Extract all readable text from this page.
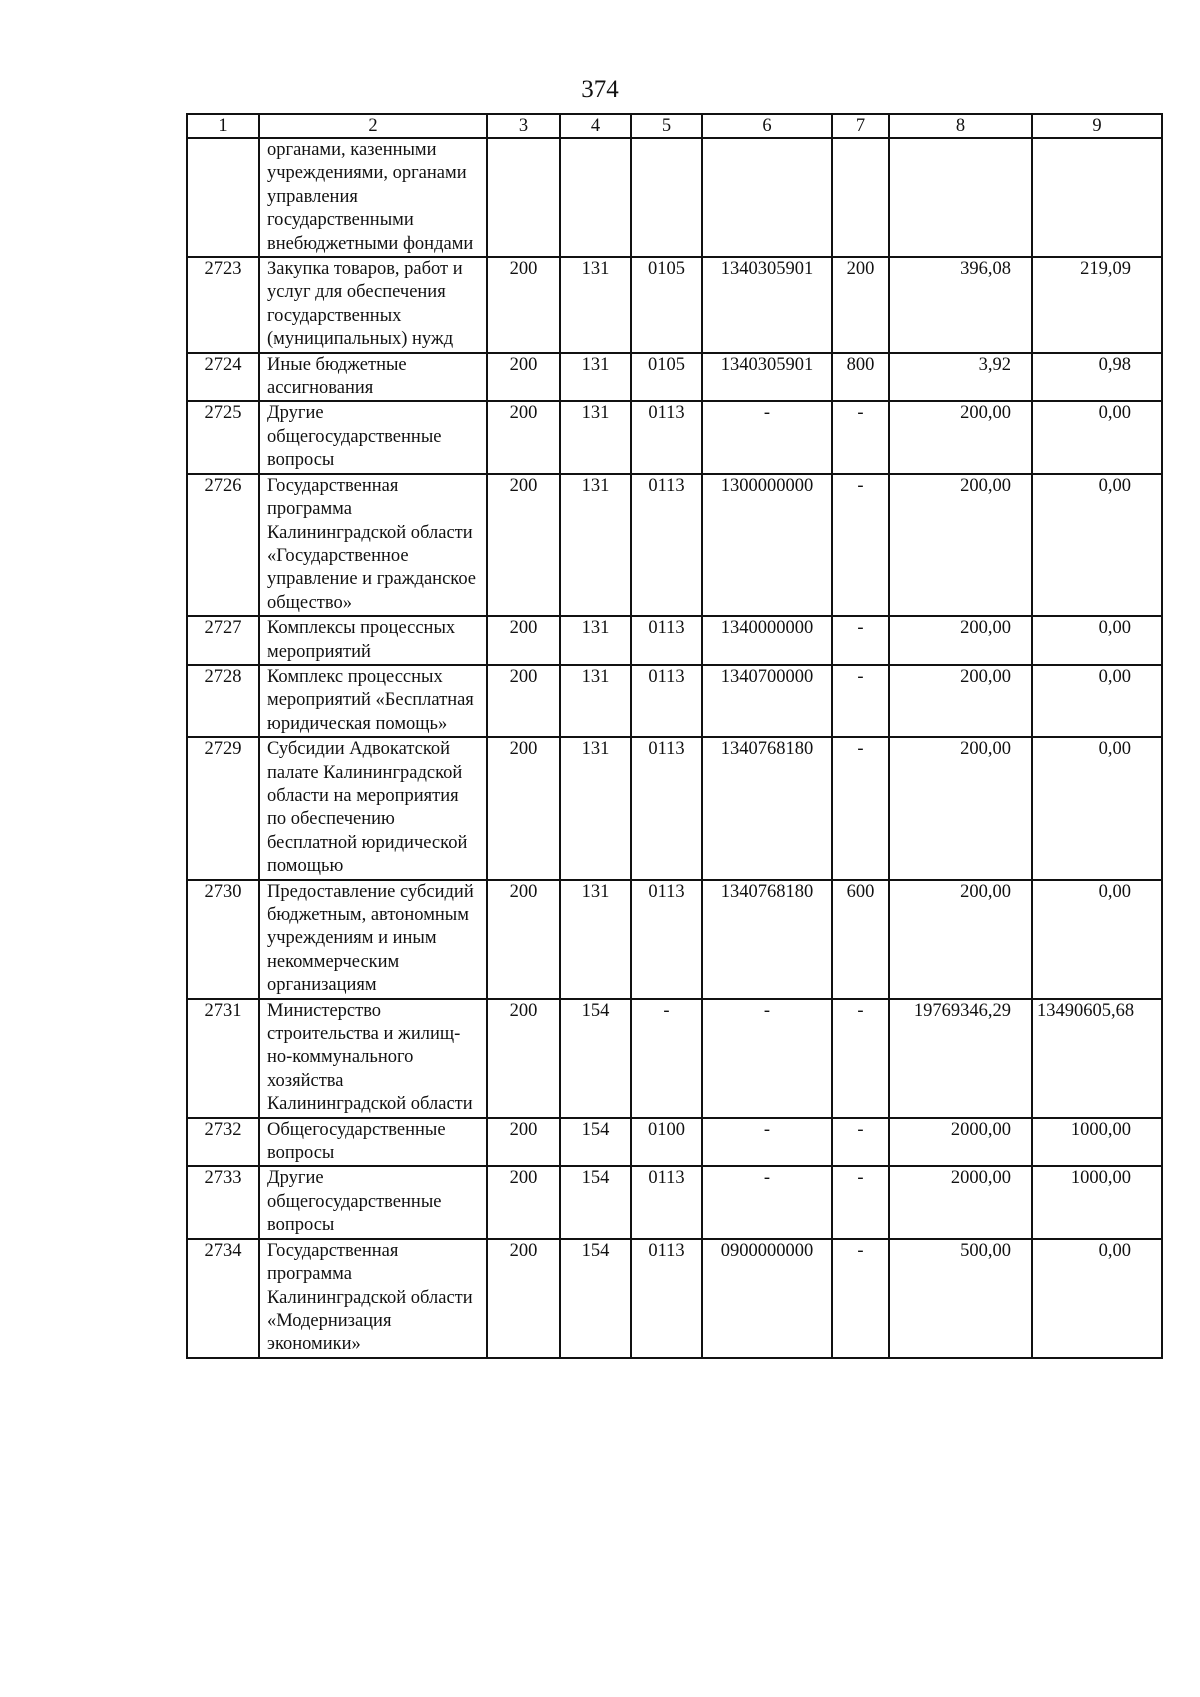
374
1	2	3	4	5	6	7	8	9
	органами, казенными учреждениями, органами управления государственными внебюджетными фондами							
2723	Закупка товаров, работ и услуг для обеспечения государственных (муниципальных) нужд	200	131	0105	1340305901	200	396,08	219,09
2724	Иные бюджетные ассигнования	200	131	0105	1340305901	800	3,92	0,98
2725	Другие общегосударственные вопросы	200	131	0113	-	-	200,00	0,00
2726	Государственная программа Калининградской области «Государственное управление и гражданское общество»	200	131	0113	1300000000	-	200,00	0,00
2727	Комплексы процессных мероприятий	200	131	0113	1340000000	-	200,00	0,00
2728	Комплекс процессных мероприятий «Бесплатная юридическая помощь»	200	131	0113	1340700000	-	200,00	0,00
2729	Субсидии Адвокатской палате Калининградской области на мероприятия по обеспечению бесплатной юридической помощью	200	131	0113	1340768180	-	200,00	0,00
2730	Предоставление субсидий бюджетным, автономным учреждениям и иным некоммерческим организациям	200	131	0113	1340768180	600	200,00	0,00
2731	Министерство строительства и жилищ-но-коммунального хозяйства Калининградской области	200	154	-	-	-	19769346,29	13490605,68
2732	Общегосударственные вопросы	200	154	0100	-	-	2000,00	1000,00
2733	Другие общегосударственные вопросы	200	154	0113	-	-	2000,00	1000,00
2734	Государственная программа Калининградской области «Модернизация экономики»	200	154	0113	0900000000	-	500,00	0,00
